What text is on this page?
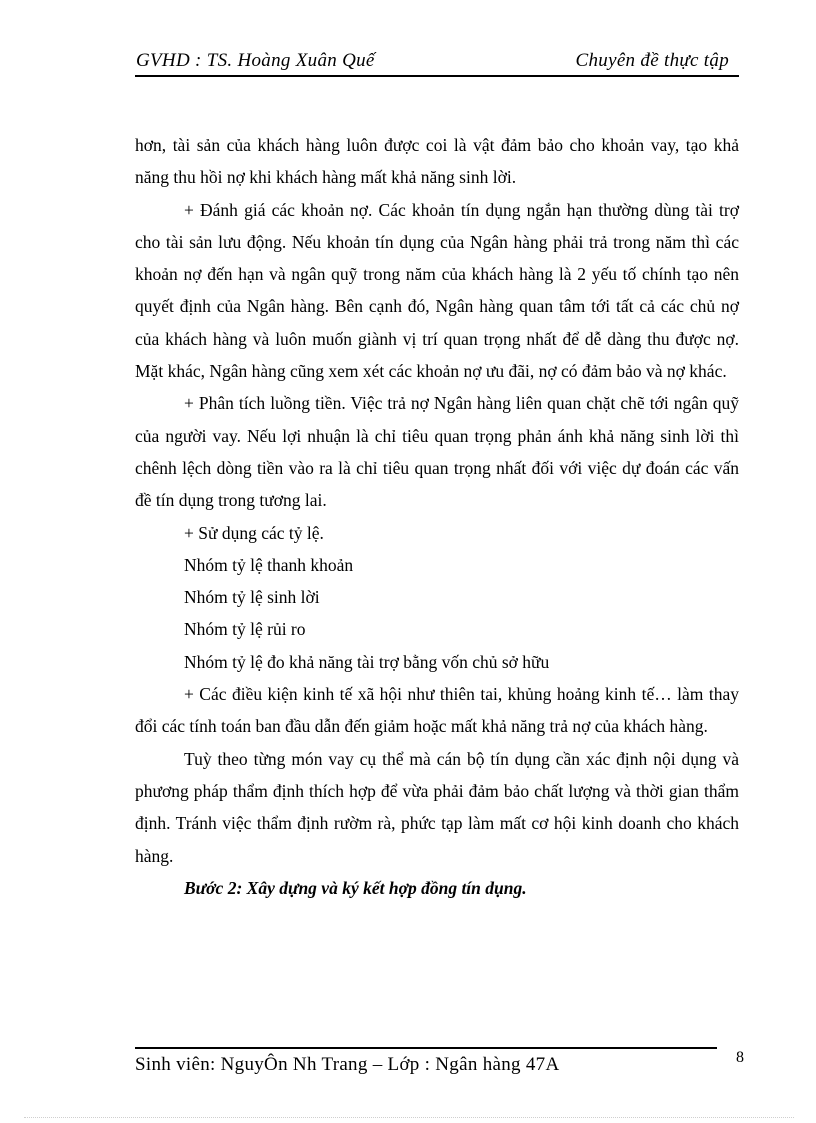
GVHD : TS. Hoàng Xuân Quế	Chuyên đề thực tập

hơn, tài sản của khách hàng luôn được coi là vật đảm bảo cho khoản vay, tạo khả năng thu hồi nợ khi khách hàng mất khả năng sinh lời.

+ Đánh giá các khoản nợ. Các khoản tín dụng ngắn hạn thường dùng tài trợ cho tài sản lưu động. Nếu khoản tín dụng của Ngân hàng phải trả trong năm thì các khoản nợ đến hạn và ngân quỹ trong năm của khách hàng là 2 yếu tố chính tạo nên quyết định của Ngân hàng. Bên cạnh đó, Ngân hàng quan tâm tới tất cả các chủ nợ của khách hàng và luôn muốn giành vị trí quan trọng nhất để dễ dàng thu được nợ. Mặt khác, Ngân hàng cũng xem xét các khoản nợ ưu đãi, nợ có đảm bảo và nợ khác.

+ Phân tích luồng tiền. Việc trả nợ Ngân hàng liên quan chặt chẽ tới ngân quỹ của người vay. Nếu lợi nhuận là chỉ tiêu quan trọng phản ánh khả năng sinh lời thì chênh lệch dòng tiền vào ra là chỉ tiêu quan trọng nhất đối với việc dự đoán các vấn đề tín dụng trong tương lai.

+ Sử dụng các tỷ lệ.

Nhóm tỷ lệ thanh khoản

Nhóm tỷ lệ sinh lời

Nhóm tỷ lệ rủi ro

Nhóm tỷ lệ đo khả năng tài trợ bằng vốn chủ sở hữu

+ Các điều kiện kinh tế xã hội như thiên tai, khủng hoảng kinh tế… làm thay đổi các tính toán ban đầu dẫn đến giảm hoặc mất khả năng trả nợ của khách hàng.

Tuỳ theo từng món vay cụ thể mà cán bộ tín dụng cần xác định nội dụng và phương pháp thẩm định thích hợp để vừa phải đảm bảo chất lượng và thời gian thẩm định. Tránh việc thẩm định rườm rà, phức tạp làm mất cơ hội kinh doanh cho khách hàng.

Bước 2: Xây dựng và ký kết hợp đồng tín dụng.

Sinh viên: NguyÔn Nh Trang – Lớp : Ngân hàng 47A	8
